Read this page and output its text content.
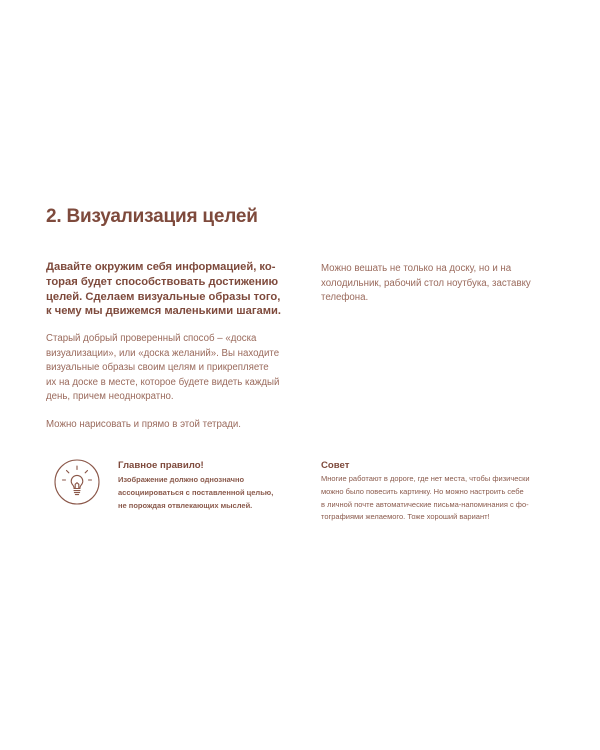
2. Визуализация целей

Давайте окружим себя информацией, ко-
торая будет способствовать достижению
целей. Сделаем визуальные образы того,
к чему мы движемся маленькими шагами.

Старый добрый проверенный способ – «доска
визуализации», или «доска желаний». Вы находите
визуальные образы своим целям и прикрепляете
их на доске в месте, которое будете видеть каждый
день, причем неоднократно.

Можно нарисовать и прямо в этой тетради.

Можно вешать не только на доску, но и на
холодильник, рабочий стол ноутбука, заставку
телефона.

Главное правило!

Изображение должно однозначно
ассоциироваться с поставленной целью,
не порождая отвлекающих мыслей.

Совет

Многие работают в дороге, где нет места, чтобы физически
можно было повесить картинку. Но можно настроить себе
в личной почте автоматические письма-напоминания с фо-
тографиями желаемого. Тоже хороший вариант!
